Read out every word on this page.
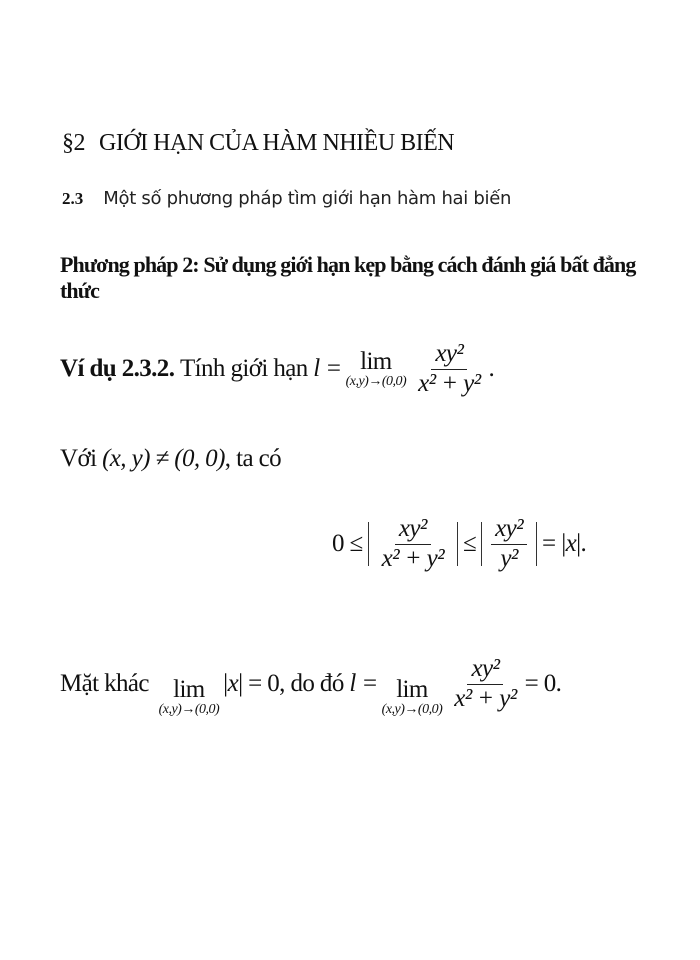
§2 GIỚI HẠN CỦA HÀM NHIỀU BIẾN
2.3 Một số phương pháp tìm giới hạn hàm hai biến
Phương pháp 2: Sử dụng giới hạn kẹp bằng cách đánh giá bất đẳng thức
Ví dụ 2.3.2.
Tính giới hạn
l = lim
$(x,y)\to(0,0) \frac{\text{xy²}}{\text{x² + y²}}$ .
Với
(x, y) ≠ (0, 0) , ta có
$0 \le \frac{\text{xy²}}{\text{x² + y²}} \le \frac{\text{xy²}}{\text{y²}}$ = | x | .
Mặt khác
lim
(x,y)→(0,0)
| x | = 0, do đó
l = lim
$(x,y)\to(0,0) \frac{\text{xy²}}{\text{x² + y²}} = 0$.
